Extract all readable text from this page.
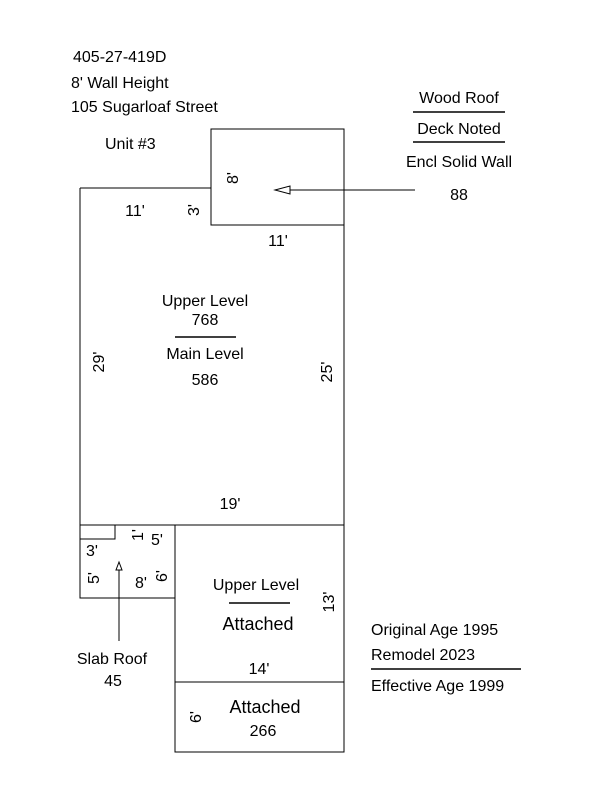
405-27-419D
8' Wall Height
105 Sugarloaf Street
Unit #3
8'
3'
11'
11'
Wood Roof
Deck Noted
Encl Solid Wall
88
Upper Level
768
Main Level
586
29'	25'
19'
3'
1' 5'
5' 8' 6'
Slab Roof
45
Upper Level
Attached
13'
14'
Attached
266
6'
Original Age 1995
Remodel 2023
Effective Age 1999
